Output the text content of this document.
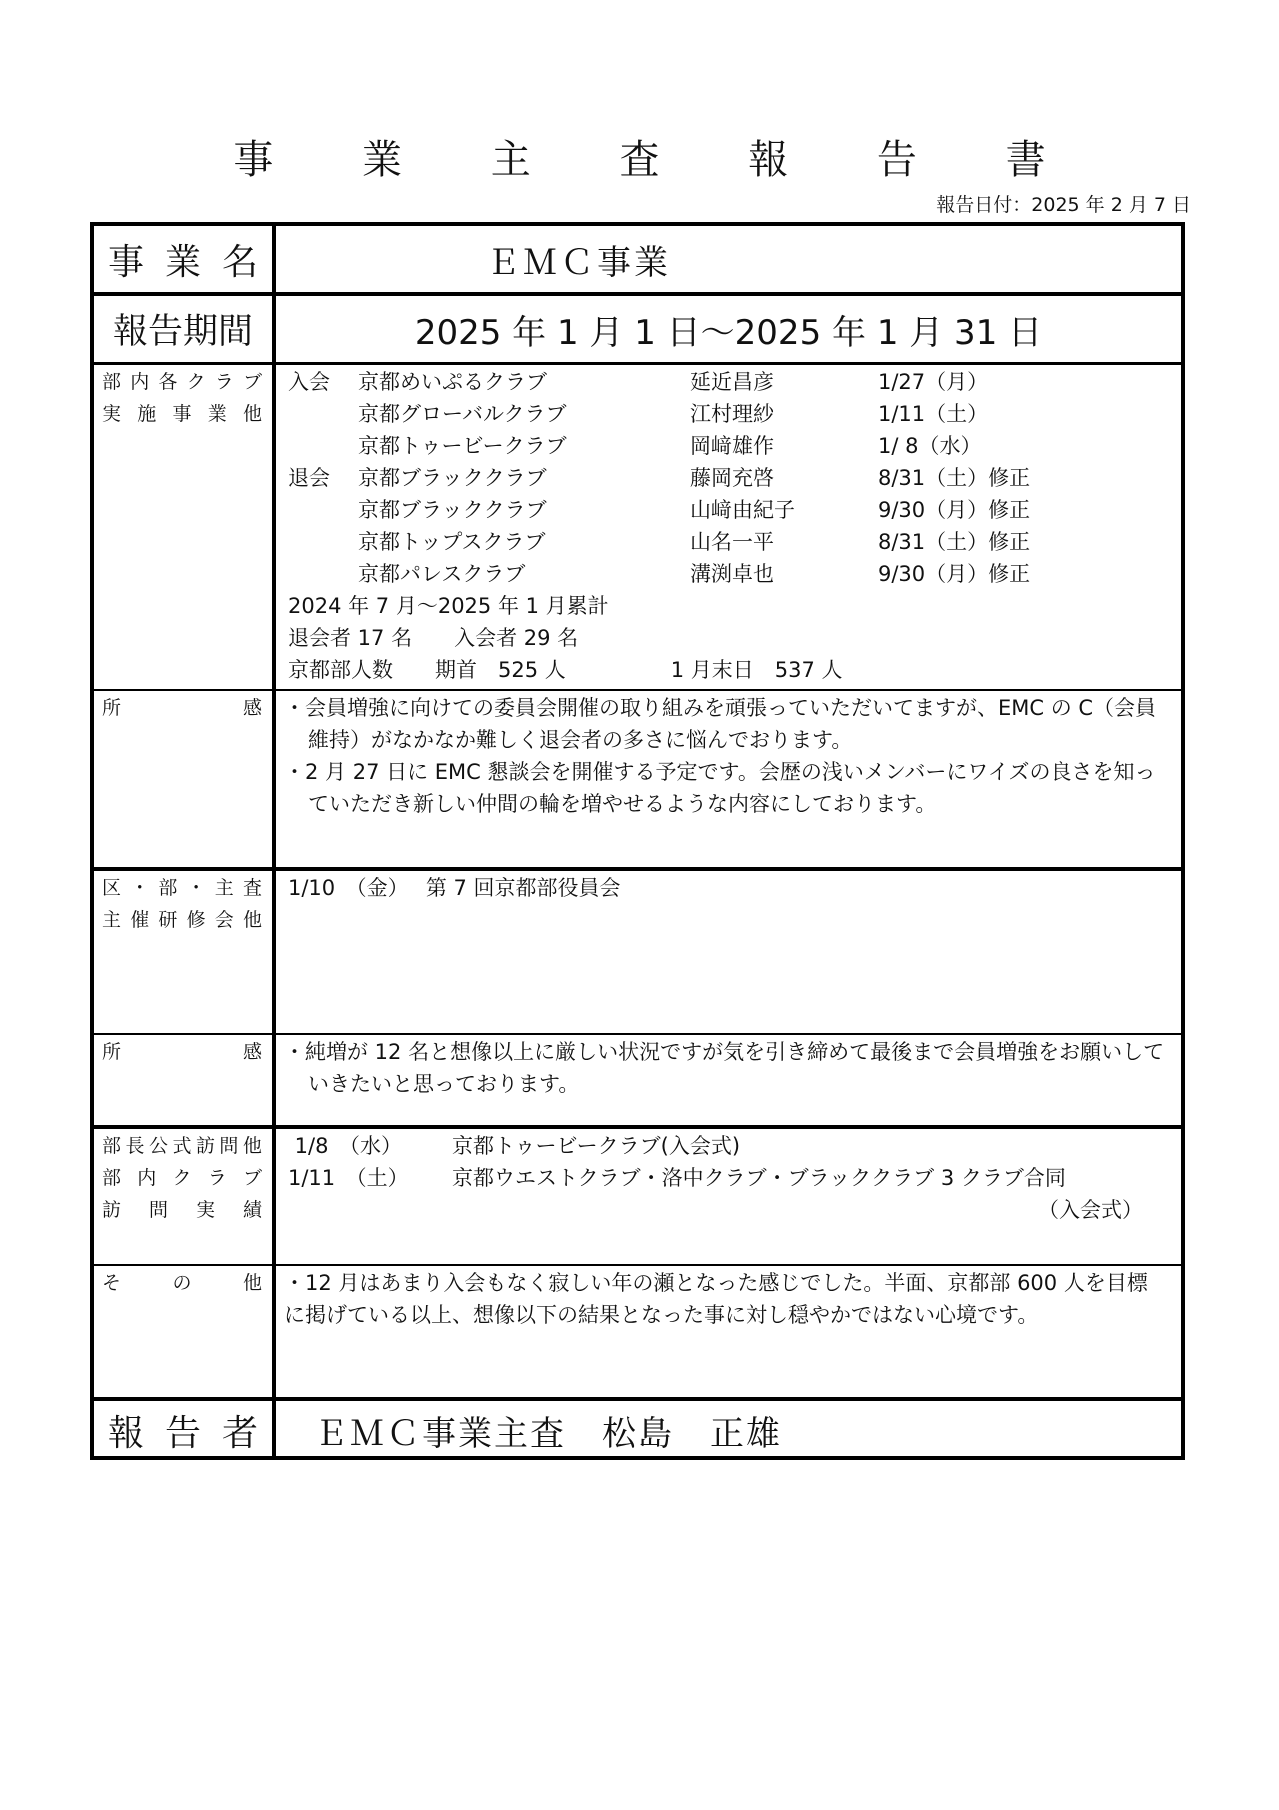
事 業 主 査 報 告 書
報告日付：2025 年 2 月 7 日
事 業 名	ＥＭＣ事業
報告期間	2025 年 1 月 1 日～2025 年 1 月 31 日
部 内 各 ク ラ ブ
実 施 事 業 他
入会 京都めいぷるクラブ	延近昌彦	1/27（月）
京都グローバルクラブ	江村理紗	1/11（土）
京都トゥービークラブ	岡﨑雄作	1/ 8（水）
退会 京都ブラッククラブ	藤岡充啓	8/31（土）修正
京都ブラッククラブ	山﨑由紀子	9/30（月）修正
京都トップスクラブ	山名一平	8/31（土）修正
京都パレスクラブ	溝渕卓也	9/30（月）修正
2024 年 7 月～2025 年 1 月累計
退会者 17 名　　入会者 29 名
京都部人数　　期首　525 人　　　　　1 月末日　537 人
所	感 ・会員増強に向けての委員会開催の取り組みを頑張っていただいてますが、EMC の C（会員維持）がなかなか難しく退会者の多さに悩んでおります。
・2 月 27 日に EMC 懇談会を開催する予定です。会歴の浅いメンバーにワイズの良さを知っていただき新しい仲間の輪を増やせるような内容にしております。
区 ・ 部 ・ 主 査
主 催 研 修 会 他
1/10　（金）　 第 7 回京都部役員会
所	感 ・純増が 12 名と想像以上に厳しい状況ですが気を引き締めて最後まで会員増強をお願いしていきたいと思っております。
部 長 公 式 訪 問 他
部 内 ク ラ ブ
訪 問 実 績
1/8　（水） 京都トゥービークラブ(入会式)
1/11　（土） 京都ウエストクラブ・洛中クラブ・ブラッククラブ 3 クラブ合同
（入会式）
そ	の	他 ・12 月はあまり入会もなく寂しい年の瀬となった感じでした。半面、京都部 600 人を目標に掲げている以上、想像以下の結果となった事に対し穏やかではない心境です。
報 告 者 ＥＭＣ事業主査　松島　正雄
